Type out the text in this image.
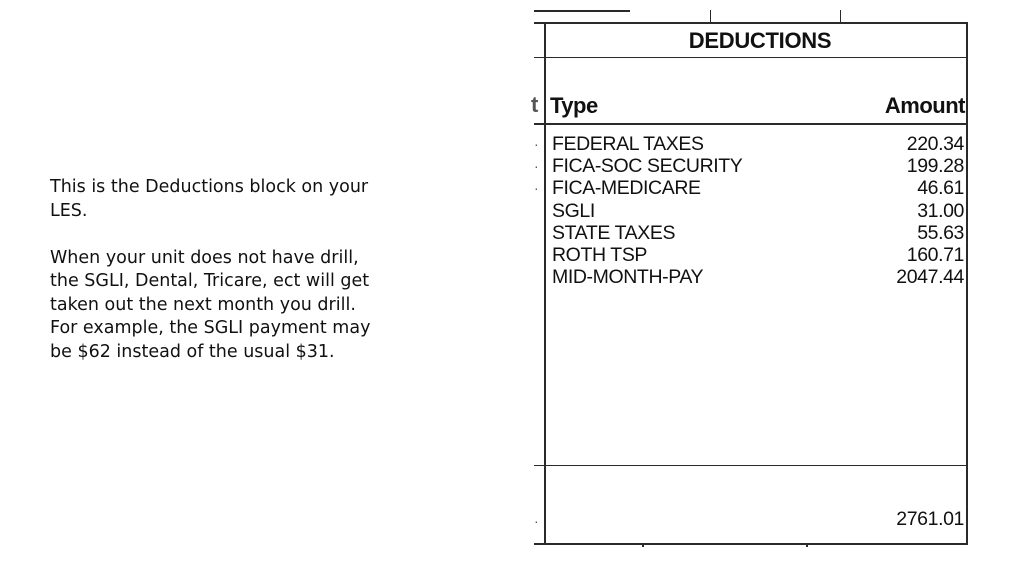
This is the Deductions block on your LES.

When your unit does not have drill, the SGLI, Dental, Tricare, ect will get taken out the next month you drill. For example, the SGLI payment may be $62 instead of the usual $31.

t
·
·
·
·
DEDUCTIONS
Type	Amount
FEDERAL TAXES	220.34
FICA-SOC SECURITY	199.28
FICA-MEDICARE	46.61
SGLI	31.00
STATE TAXES	55.63
ROTH TSP	160.71
MID-MONTH-PAY	2047.44
2761.01
